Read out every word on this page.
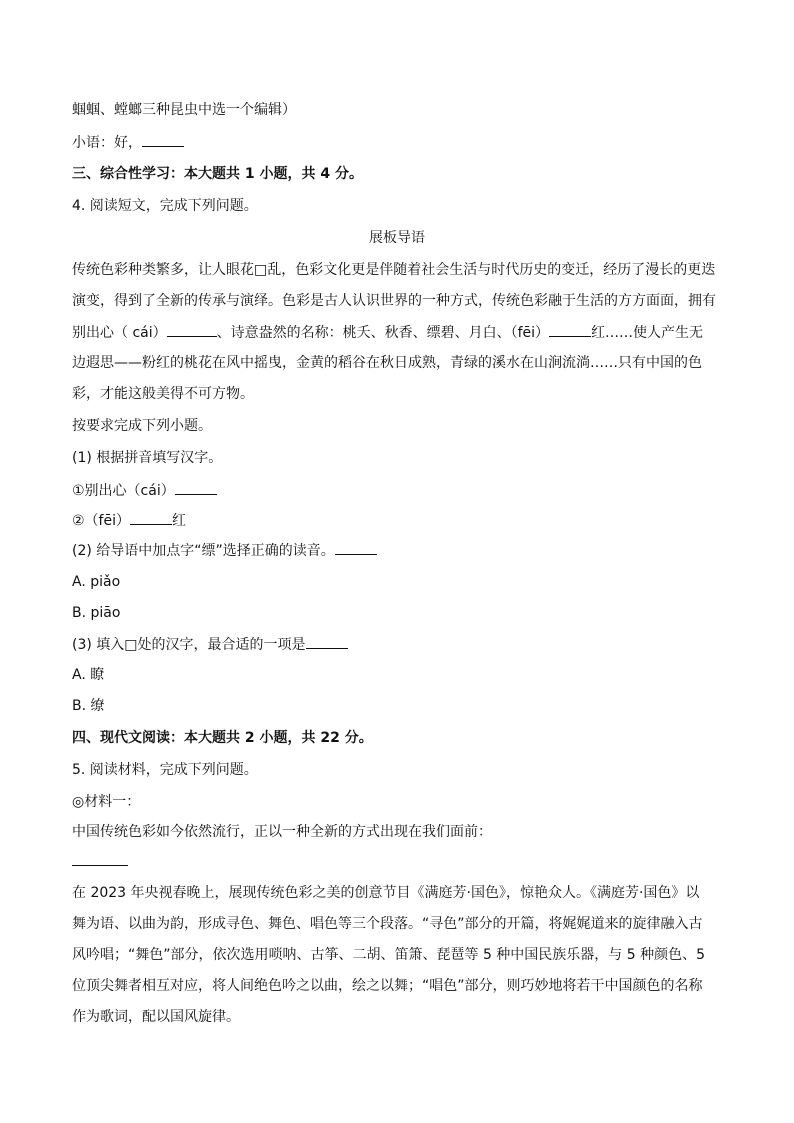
蝈蝈、螳螂三种昆虫中选一个编辑）
小语：好，
三、综合性学习：本大题共 1 小题，共 4 分。
4. 阅读短文，完成下列问题。
展板导语
传统色彩种类繁多，让人眼花□乱，色彩文化更是伴随着社会生活与时代历史的变迁，经历了漫长的更迭
演变，得到了全新的传承与演绎。色彩是古人认识世界的一种方式，传统色彩融于生活的方方面面，拥有
别出心（ cái）	、诗意盎然的名称：桃夭、秋香、缥碧、月白、（fēi）	红……使人产生无
边遐思——粉红的桃花在风中摇曳，金黄的稻谷在秋日成熟，青绿的溪水在山涧流淌……只有中国的色
彩，才能这般美得不可方物。
按要求完成下列小题。
(1) 根据拼音填写汉字。
①别出心（cái）
②（fēi）	红
(2) 给导语中加点字“缥”选择正确的读音。
A. piǎo
B. piāo
(3) 填入□处的汉字，最合适的一项是
A. 瞭
B. 缭
四、现代文阅读：本大题共 2 小题，共 22 分。
5. 阅读材料，完成下列问题。
◎材料一：
中国传统色彩如今依然流行，正以一种全新的方式出现在我们面前：
在 2023 年央视春晚上，展现传统色彩之美的创意节目《满庭芳·国色》，惊艳众人。《满庭芳·国色》以
舞为语、以曲为韵，形成寻色、舞色、唱色等三个段落。“寻色”部分的开篇，将娓娓道来的旋律融入古
风吟唱；“舞色”部分，依次选用唢呐、古筝、二胡、笛箫、琵琶等 5 种中国民族乐器，与 5 种颜色、5
位顶尖舞者相互对应，将人间绝色吟之以曲，绘之以舞；“唱色”部分，则巧妙地将若干中国颜色的名称
作为歌词，配以国风旋律。
